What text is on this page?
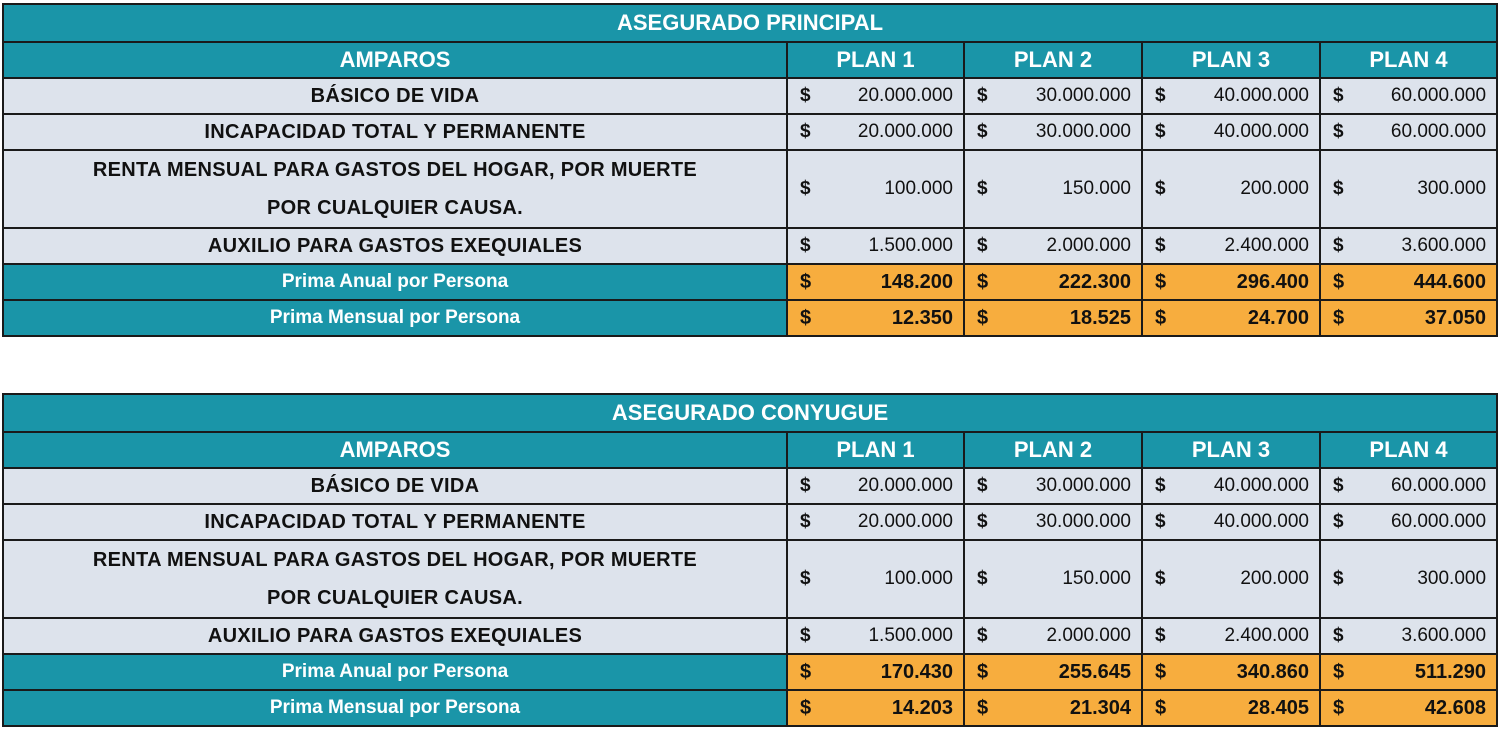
ASEGURADO PRINCIPAL				
AMPAROS	PLAN 1	PLAN 2	PLAN 3	PLAN 4
BÁSICO DE VIDA	$ 20.000.000	$ 30.000.000	$ 40.000.000	$ 60.000.000

INCAPACIDAD TOTAL Y PERMANENTE	$ 20.000.000	$ 30.000.000	$ 40.000.000	$ 60.000.000

RENTA MENSUAL PARA GASTOS DEL HOGAR, POR MUERTE
POR CUALQUIER CAUSA.	$ 100.000	$ 150.000	$ 200.000	$ 300.000

AUXILIO PARA GASTOS EXEQUIALES	$ 1.500.000	$ 2.000.000	$ 2.400.000	$ 3.600.000

Prima Anual por Persona	$ 148.200	$ 222.300	$ 296.400	$ 444.600

Prima Mensual por Persona	$ 12.350	$ 18.525	$ 24.700	$ 37.050
ASEGURADO CONYUGUE				
AMPAROS	PLAN 1	PLAN 2	PLAN 3	PLAN 4
BÁSICO DE VIDA	$ 20.000.000	$ 30.000.000	$ 40.000.000	$ 60.000.000

INCAPACIDAD TOTAL Y PERMANENTE	$ 20.000.000	$ 30.000.000	$ 40.000.000	$ 60.000.000

RENTA MENSUAL PARA GASTOS DEL HOGAR, POR MUERTE
POR CUALQUIER CAUSA.	$ 100.000	$ 150.000	$ 200.000	$ 300.000

AUXILIO PARA GASTOS EXEQUIALES	$ 1.500.000	$ 2.000.000	$ 2.400.000	$ 3.600.000

Prima Anual por Persona	$ 170.430	$ 255.645	$ 340.860	$ 511.290

Prima Mensual por Persona	$ 14.203	$ 21.304	$ 28.405	$ 42.608
